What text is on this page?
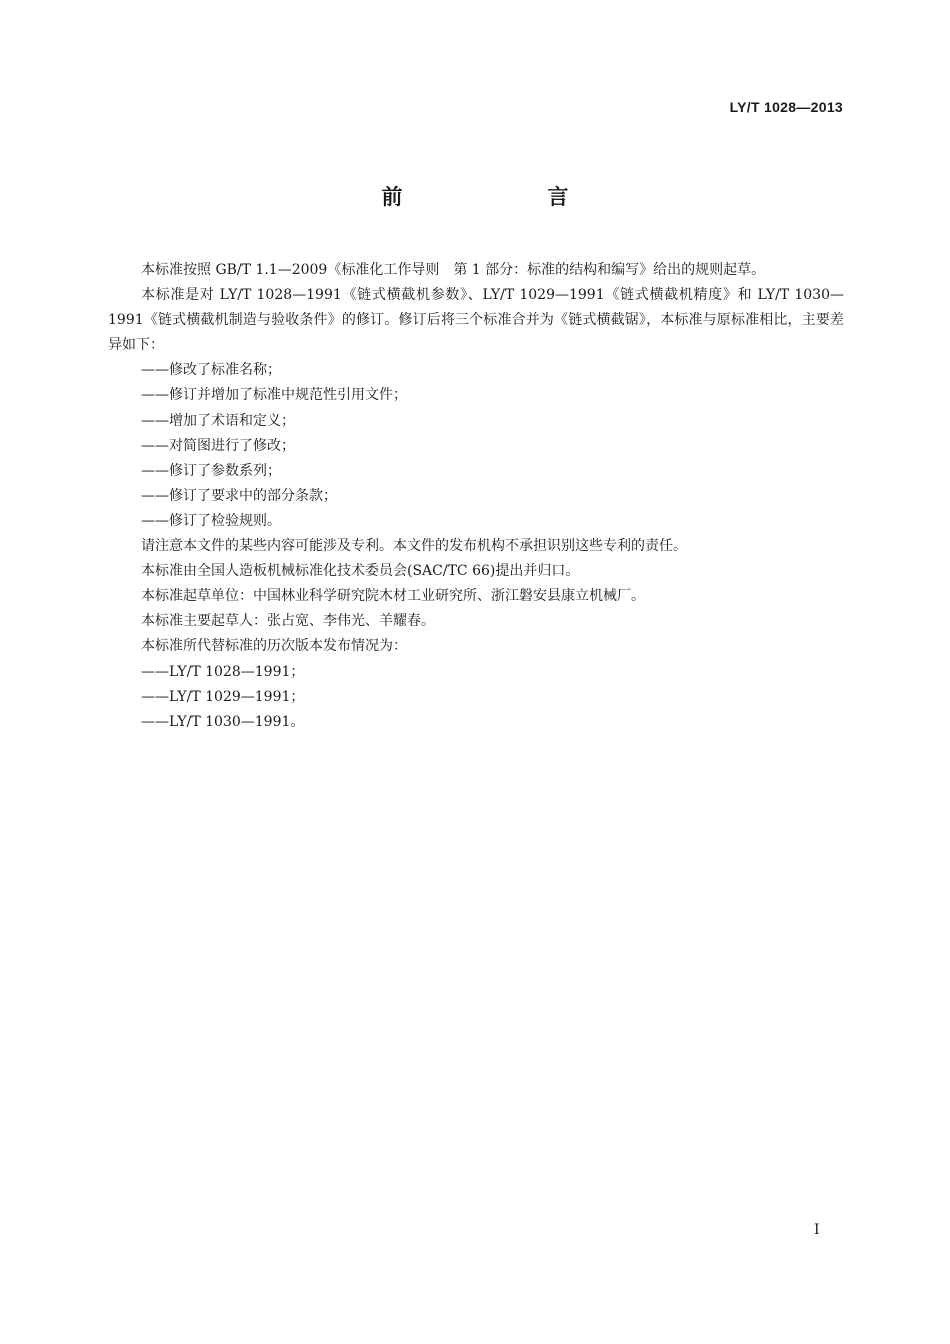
LY/T 1028—2013
前　言

本标准按照 GB/T 1.1—2009《标准化工作导则　第 1 部分：标准的结构和编写》给出的规则起草。

本标准是对 LY/T 1028—1991《链式横截机参数》、LY/T 1029—1991《链式横截机精度》和 LY/T 1030—1991《链式横截机制造与验收条件》的修订。修订后将三个标准合并为《链式横截锯》，本标准与原标准相比，主要差异如下：

——修改了标准名称；

——修订并增加了标准中规范性引用文件；

——增加了术语和定义；

——对简图进行了修改；

——修订了参数系列；

——修订了要求中的部分条款；

——修订了检验规则。

请注意本文件的某些内容可能涉及专利。本文件的发布机构不承担识别这些专利的责任。

本标准由全国人造板机械标准化技术委员会(SAC/TC 66)提出并归口。

本标准起草单位：中国林业科学研究院木材工业研究所、浙江磐安县康立机械厂。

本标准主要起草人：张占宽、李伟光、羊耀春。

本标准所代替标准的历次版本发布情况为：

——LY/T 1028—1991；

——LY/T 1029—1991；

——LY/T 1030—1991。

Ⅰ
